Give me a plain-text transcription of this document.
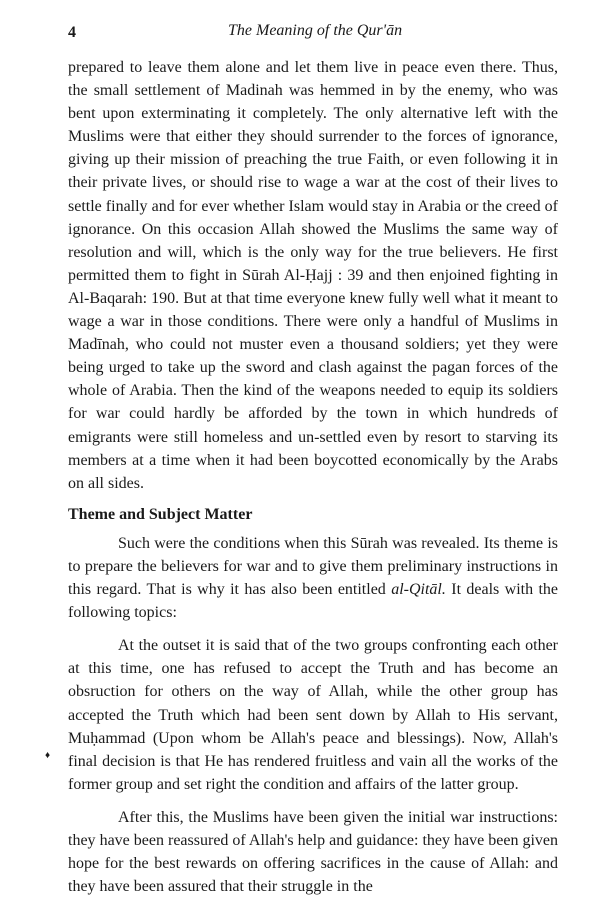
4	The Meaning of the Qur'ān

prepared to leave them alone and let them live in peace even there. Thus, the small settlement of Madinah was hemmed in by the enemy, who was bent upon exterminating it completely. The only alternative left with the Muslims were that either they should surrender to the forces of ignorance, giving up their mission of preaching the true Faith, or even following it in their private lives, or should rise to wage a war at the cost of their lives to settle finally and for ever whether Islam would stay in Arabia or the creed of ignorance. On this occasion Allah showed the Muslims the same way of resolution and will, which is the only way for the true believers. He first permitted them to fight in Sūrah Al-Ḥajj : 39 and then enjoined fighting in Al-Baqarah: 190. But at that time everyone knew fully well what it meant to wage a war in those conditions. There were only a handful of Muslims in Madīnah, who could not muster even a thousand soldiers; yet they were being urged to take up the sword and clash against the pagan forces of the whole of Arabia. Then the kind of the weapons needed to equip its soldiers for war could hardly be afforded by the town in which hundreds of emigrants were still homeless and un-settled even by resort to starving its members at a time when it had been boycotted economically by the Arabs on all sides.

Theme and Subject Matter

Such were the conditions when this Sūrah was revealed. Its theme is to prepare the believers for war and to give them preliminary instructions in this regard. That is why it has also been entitled al-Qitāl. It deals with the following topics:

At the outset it is said that of the two groups confronting each other at this time, one has refused to accept the Truth and has become an obsruction for others on the way of Allah, while the other group has accepted the Truth which had been sent down by Allah to His servant, Muḥammad (Upon whom be Allah's peace and blessings). Now, Allah's final decision is that He has rendered fruitless and vain all the works of the former group and set right the condition and affairs of the latter group.

After this, the Muslims have been given the initial war instructions: they have been reassured of Allah's help and guidance: they have been given hope for the best rewards on offering sacrifices in the cause of Allah: and they have been assured that their struggle in the

♦
